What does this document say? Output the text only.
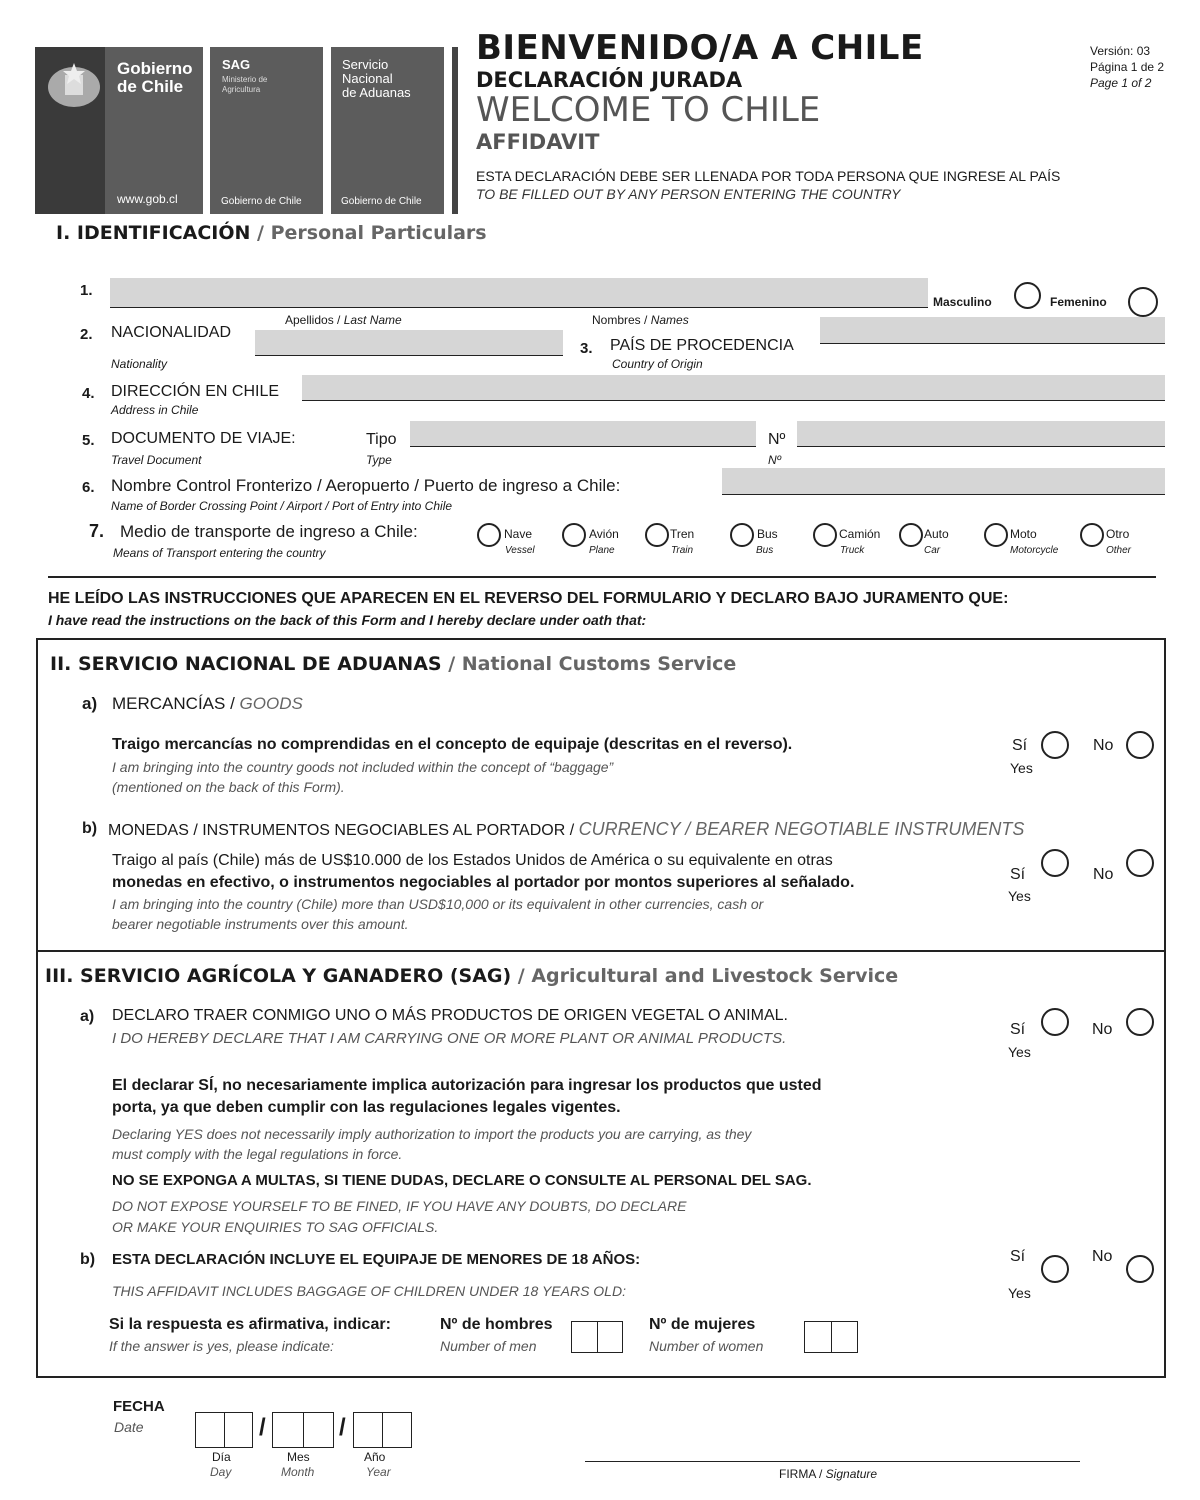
Gobierno
de Chile
www.gob.cl
SAG
Ministerio de
Agricultura
Gobierno de Chile
Servicio
Nacional
de Aduanas
Gobierno de Chile
BIENVENIDO/A A CHILE
DECLARACIÓN JURADA
WELCOME TO CHILE
AFFIDAVIT
ESTA DECLARACIÓN DEBE SER LLENADA POR TODA PERSONA QUE INGRESE AL PAÍS
TO BE FILLED OUT BY ANY PERSON ENTERING THE COUNTRY
Versión: 03
Página 1 de 2
Page 1 of 2
I. IDENTIFICACIÓN / Personal Particulars
1.
Apellidos / Last Name	Nombres / Names
Masculino	Femenino
2. NACIONALIDAD
Nationality
3. PAÍS DE PROCEDENCIA
Country of Origin
4. DIRECCIÓN EN CHILE
Address in Chile
5. DOCUMENTO DE VIAJE:
Travel Document
Tipo
Type
Nº
Nº
6. Nombre Control Fronterizo / Aeropuerto / Puerto de ingreso a Chile:
Name of Border Crossing Point / Airport / Port of Entry into Chile
7. Medio de transporte de ingreso a Chile:
Means of Transport entering the country
Nave
Vessel
Avión
Plane
Tren
Train
Bus
Bus
Camión
Truck
Auto
Car
Moto
Motorcycle
Otro
Other
HE LEÍDO LAS INSTRUCCIONES QUE APARECEN EN EL REVERSO DEL FORMULARIO Y DECLARO BAJO JURAMENTO QUE:
I have read the instructions on the back of this Form and I hereby declare under oath that:
II. SERVICIO NACIONAL DE ADUANAS / National Customs Service
a) MERCANCÍAS / GOODS
Traigo mercancías no comprendidas en el concepto de equipaje (descritas en el reverso).
I am bringing into the country goods not included within the concept of “baggage”
(mentioned on the back of this Form).
Sí
Yes
No
b) MONEDAS / INSTRUMENTOS NEGOCIABLES AL PORTADOR / CURRENCY / BEARER NEGOTIABLE INSTRUMENTS
Traigo al país (Chile) más de US$10.000 de los Estados Unidos de América o su equivalente en otras
monedas en efectivo, o instrumentos negociables al portador por montos superiores al señalado.
I am bringing into the country (Chile) more than USD$10,000 or its equivalent in other currencies, cash or
bearer negotiable instruments over this amount.
Sí
Yes
No
III. SERVICIO AGRÍCOLA Y GANADERO (SAG) / Agricultural and Livestock Service
a) DECLARO TRAER CONMIGO UNO O MÁS PRODUCTOS DE ORIGEN VEGETAL O ANIMAL.
I DO HEREBY DECLARE THAT I AM CARRYING ONE OR MORE PLANT OR ANIMAL PRODUCTS.
Sí
Yes
No
El declarar SÍ, no necesariamente implica autorización para ingresar los productos que usted
porta, ya que deben cumplir con las regulaciones legales vigentes.
Declaring YES does not necessarily imply authorization to import the products you are carrying, as they
must comply with the legal regulations in force.
NO SE EXPONGA A MULTAS, SI TIENE DUDAS, DECLARE O CONSULTE AL PERSONAL DEL SAG.
DO NOT EXPOSE YOURSELF TO BE FINED, IF YOU HAVE ANY DOUBTS, DO DECLARE
OR MAKE YOUR ENQUIRIES TO SAG OFFICIALS.
b) ESTA DECLARACIÓN INCLUYE EL EQUIPAJE DE MENORES DE 18 AÑOS:
THIS AFFIDAVIT INCLUDES BAGGAGE OF CHILDREN UNDER 18 YEARS OLD:
Sí
Yes
No
Si la respuesta es afirmativa, indicar:
If the answer is yes, please indicate:
Nº de hombres
Number of men
Nº de mujeres
Number of women
FECHA
Date	/	/
Día
Day
Mes
Month
Año
Year	FIRMA / Signature
